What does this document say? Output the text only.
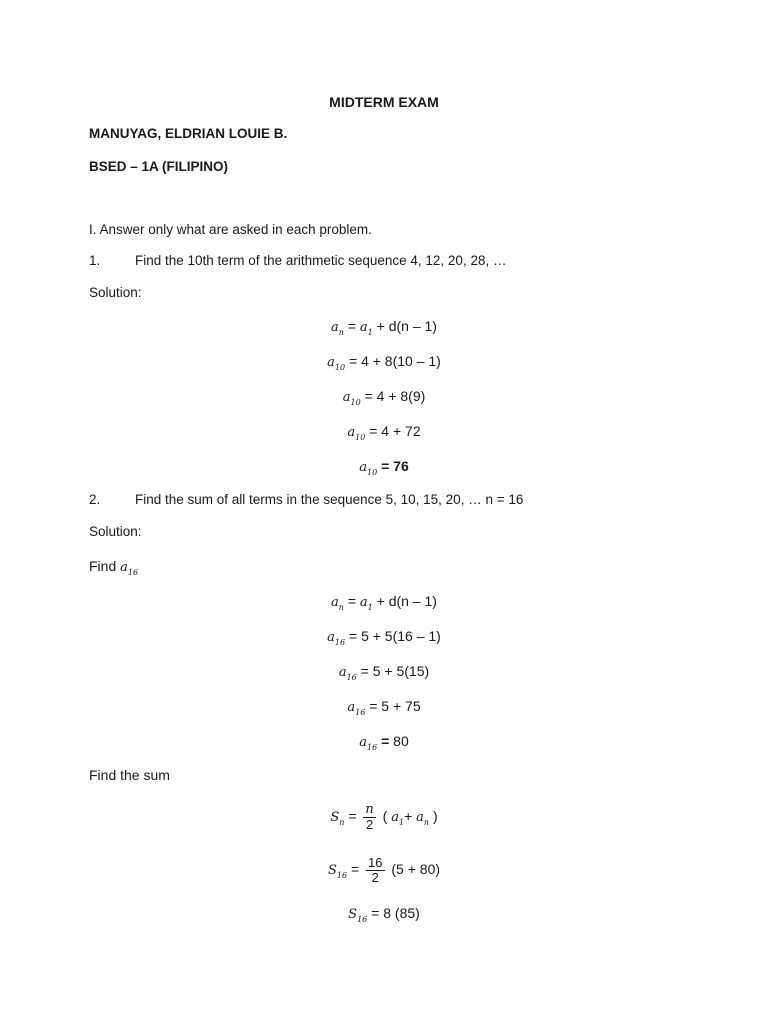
MIDTERM EXAM
MANUYAG, ELDRIAN LOUIE B.
BSED – 1A (FILIPINO)
I. Answer only what are asked in each problem.
1.	Find the 10th term of the arithmetic sequence 4, 12, 20, 28, …
Solution:
$a_n = a_1 + d(n - 1)$
$a_{10} = 4 + 8(10 - 1)$
$a_{10} = 4 + 8(9)$
$a_{10} = 4 + 72$
$a_{10} = 76$
2.	Find the sum of all terms in the sequence 5, 10, 15, 20, … n = 16
Solution:
Find $a_{16}$
$a_n = a_1 + d(n - 1)$
$a_{16} = 5 + 5(16 - 1)$
$a_{16} = 5 + 5(15)$
$a_{16} = 5 + 75$
$a_{16} = 80$
Find the sum
$S_n = \frac{n}{2}$ ( $a_1+ a_n$ )
$S_{16} = \frac{16}{2} (5 + 80)$
$S_{16} = 8$ (85)
